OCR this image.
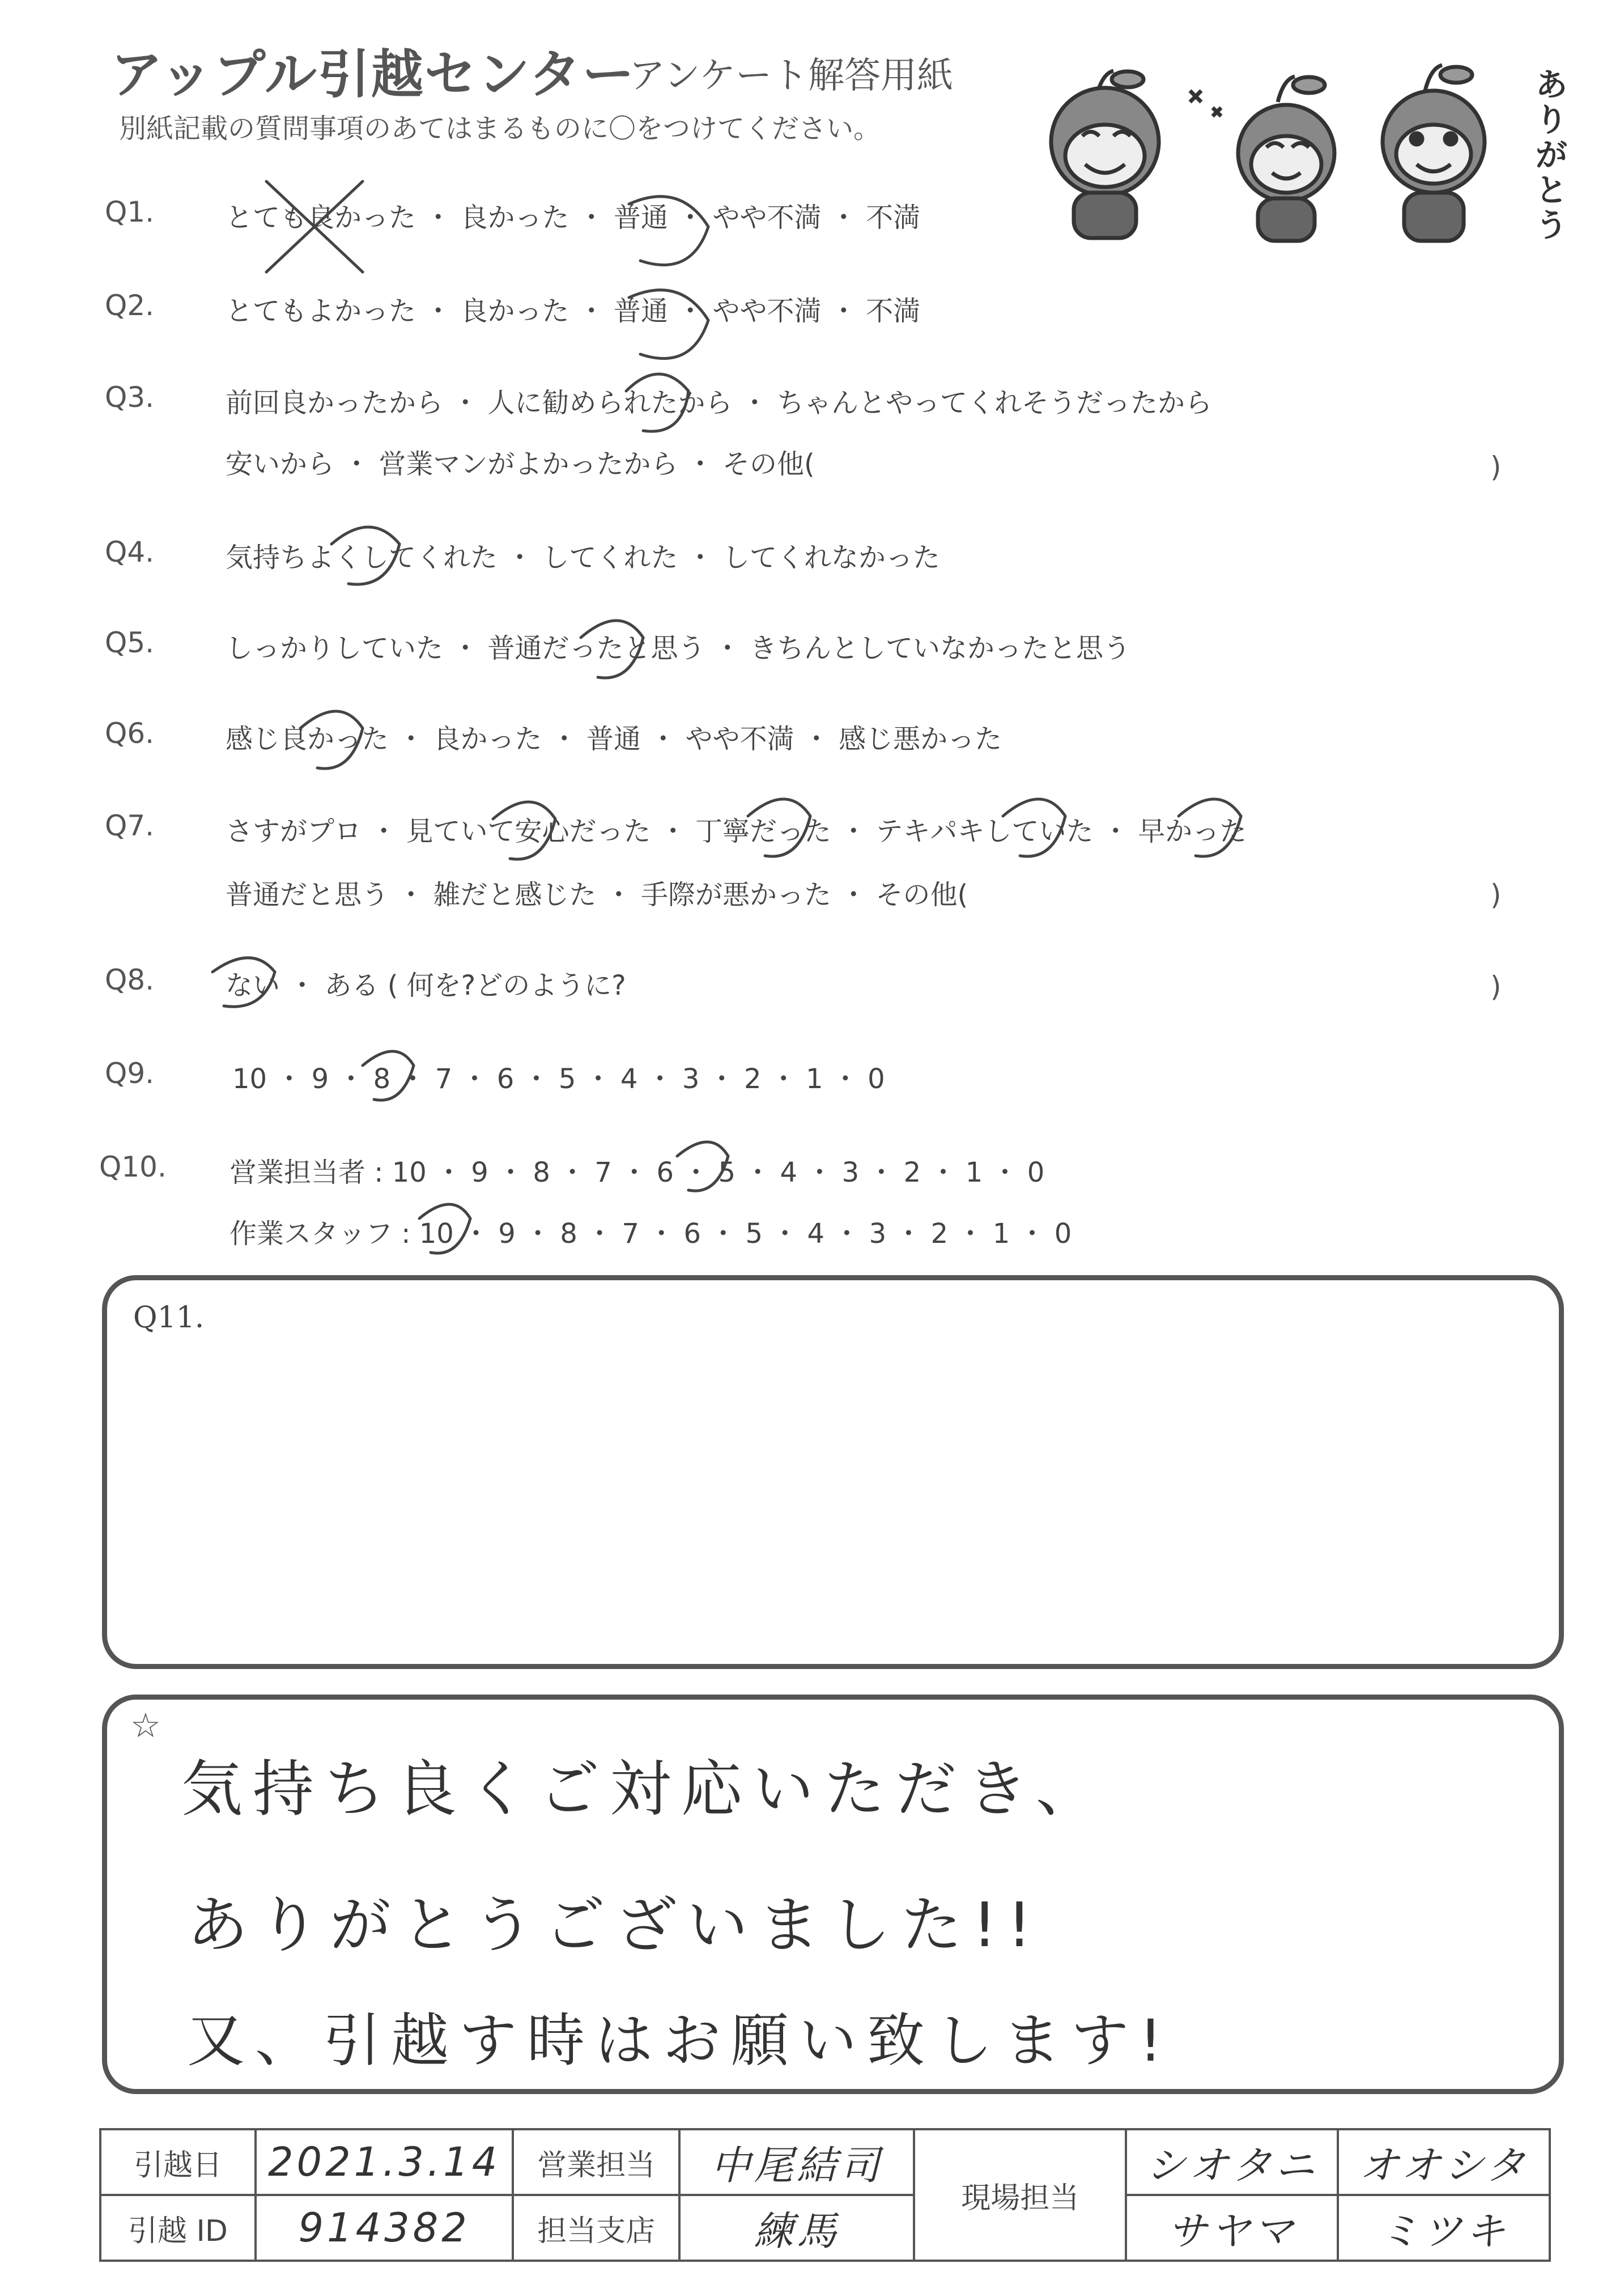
アップル引越センター
アンケート解答用紙
別紙記載の質問事項のあてはまるものに〇をつけてください。
ありがとう
Q1.	とても良かった ・ 良かった ・ 普通 ・ やや不満 ・ 不満
Q2.	とてもよかった ・ 良かった ・ 普通 ・ やや不満 ・ 不満
Q3.	前回良かったから ・ 人に勧められたから ・ ちゃんとやってくれそうだったから
安いから ・ 営業マンがよかったから ・ その他(	)
Q4.	気持ちよくしてくれた ・ してくれた ・ してくれなかった
Q5.	しっかりしていた ・ 普通だったと思う ・ きちんとしていなかったと思う
Q6.	感じ良かった ・ 良かった ・ 普通 ・ やや不満 ・ 感じ悪かった
Q7.	さすがプロ ・ 見ていて安心だった ・ 丁寧だった ・ テキパキしていた ・ 早かった
普通だと思う ・ 雑だと感じた ・ 手際が悪かった ・ その他(	)
Q8.	ない ・ ある ( 何を?どのように?	)
Q9.	10 ・ 9 ・ 8 ・ 7 ・ 6 ・ 5 ・ 4 ・ 3 ・ 2 ・ 1 ・ 0
Q10. 営業担当者 : 10 ・ 9 ・ 8 ・ 7 ・ 6 ・ 5 ・ 4 ・ 3 ・ 2 ・ 1 ・ 0
作業スタッフ : 10 ・ 9 ・ 8 ・ 7 ・ 6 ・ 5 ・ 4 ・ 3 ・ 2 ・ 1 ・ 0
Q11.
☆
気持ち良くご対応いただき、
ありがとうございました!!
又、引越す時はお願い致します!
引越日	2021.3.14	営業担当	中尾結司	現場担当	シオタニ	オオシタ
引越 ID	914382	担当支店	練馬		サヤマ	ミツキ
